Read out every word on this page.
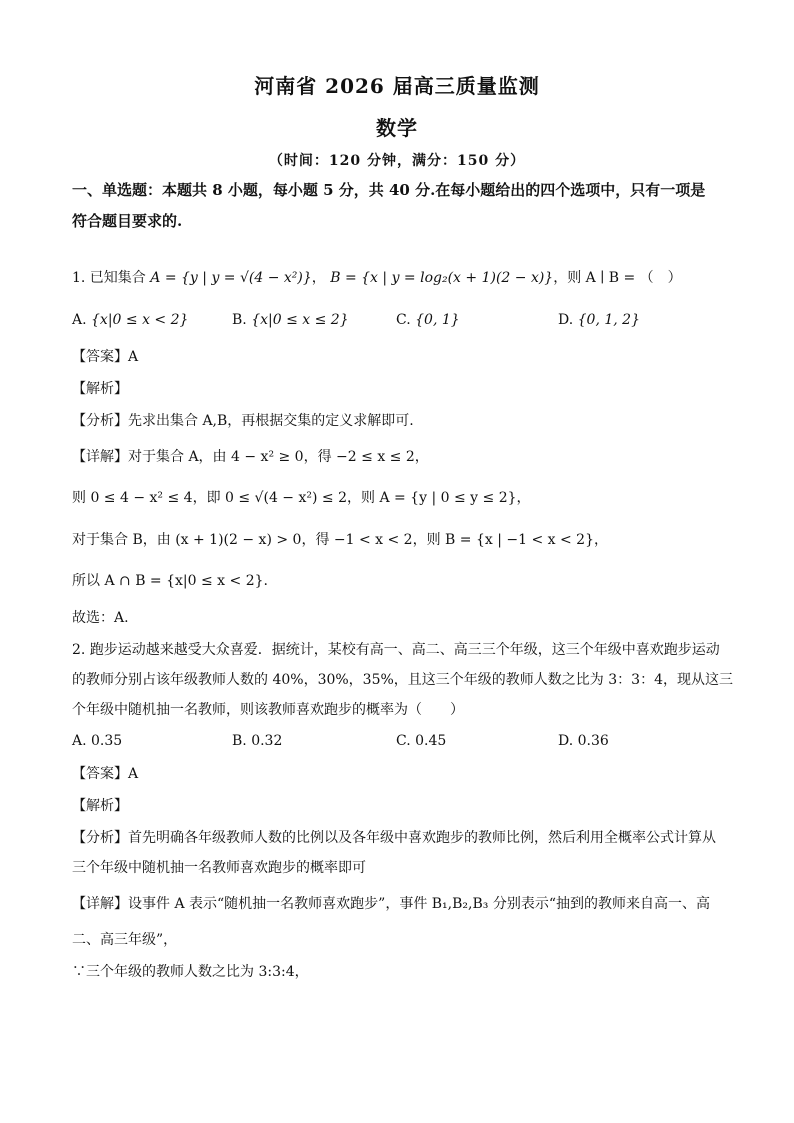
河南省 2026 届高三质量监测
数学
（时间：120 分钟，满分：150 分）
一、单选题：本题共 8 小题，每小题 5 分，共 40 分.在每小题给出的四个选项中，只有一项是
符合题目要求的.
1. 已知集合 A = {y | y = √(4 − x²)}， B = {x | y = log₂(x + 1)(2 − x)}，则 A ∣ B = （　）
A. {x|0 ≤ x < 2}	B. {x|0 ≤ x ≤ 2}	C. {0, 1}	D. {0, 1, 2}
【答案】A
【解析】
【分析】先求出集合 A,B，再根据交集的定义求解即可.
【详解】对于集合 A，由 4 − x² ≥ 0，得 −2 ≤ x ≤ 2，
则 0 ≤ 4 − x² ≤ 4，即 0 ≤ √(4 − x²) ≤ 2，则 A = {y | 0 ≤ y ≤ 2}，
对于集合 B，由 (x + 1)(2 − x) > 0，得 −1 < x < 2，则 B = {x | −1 < x < 2}，
所以 A ∩ B = {x|0 ≤ x < 2}.
故选：A.
2. 跑步运动越来越受大众喜爱．据统计，某校有高一、高二、高三三个年级，这三个年级中喜欢跑步运动
的教师分别占该年级教师人数的 40%，30%，35%，且这三个年级的教师人数之比为 3：3：4，现从这三
个年级中随机抽一名教师，则该教师喜欢跑步的概率为（　　）
A. 0.35	B. 0.32	C. 0.45	D. 0.36
【答案】A
【解析】
【分析】首先明确各年级教师人数的比例以及各年级中喜欢跑步的教师比例，然后利用全概率公式计算从
三个年级中随机抽一名教师喜欢跑步的概率即可
【详解】设事件 A 表示“随机抽一名教师喜欢跑步”，事件 B₁,B₂,B₃ 分别表示“抽到的教师来自高一、高
二、高三年级”，
∵三个年级的教师人数之比为 3:3:4，
